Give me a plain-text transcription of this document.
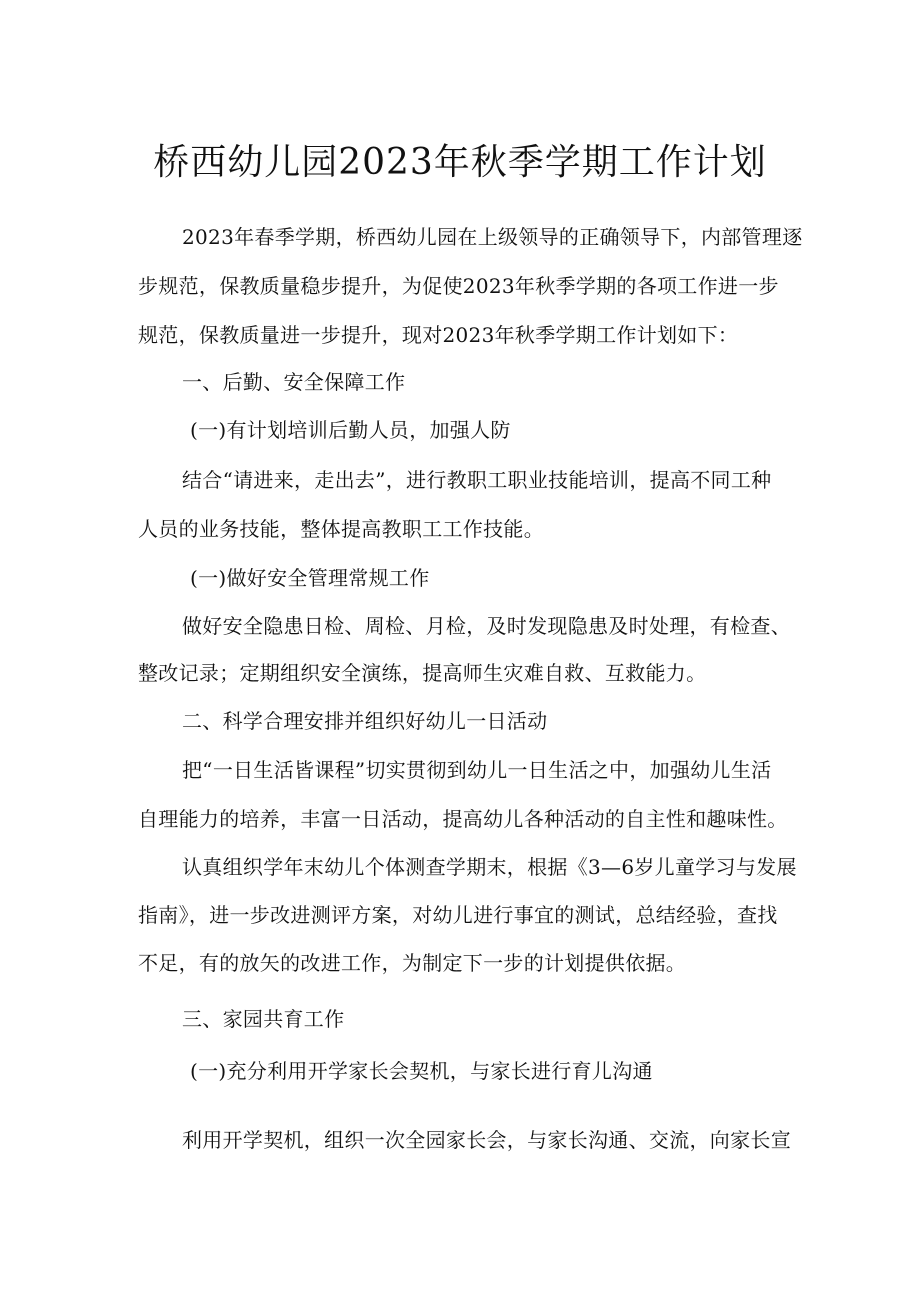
桥西幼儿园2023年秋季学期工作计划
2023年春季学期，桥西幼儿园在上级领导的正确领导下，内部管理逐
步规范，保教质量稳步提升，为促使2023年秋季学期的各项工作进一步
规范，保教质量进一步提升，现对2023年秋季学期工作计划如下：
一、后勤、安全保障工作
(一)有计划培训后勤人员，加强人防
结合“请进来，走出去”，进行教职工职业技能培训，提高不同工种
人员的业务技能，整体提高教职工工作技能。
(一)做好安全管理常规工作
做好安全隐患日检、周检、月检，及时发现隐患及时处理，有检查、
整改记录；定期组织安全演练，提高师生灾难自救、互救能力。
二、科学合理安排并组织好幼儿一日活动
把“一日生活皆课程”切实贯彻到幼儿一日生活之中，加强幼儿生活
自理能力的培养，丰富一日活动，提高幼儿各种活动的自主性和趣味性。
认真组织学年末幼儿个体测查学期末，根据《3—6岁儿童学习与发展
指南》，进一步改进测评方案，对幼儿进行事宜的测试，总结经验，查找
不足，有的放矢的改进工作，为制定下一步的计划提供依据。
三、家园共育工作
(一)充分利用开学家长会契机，与家长进行育儿沟通
利用开学契机，组织一次全园家长会，与家长沟通、交流，向家长宣
